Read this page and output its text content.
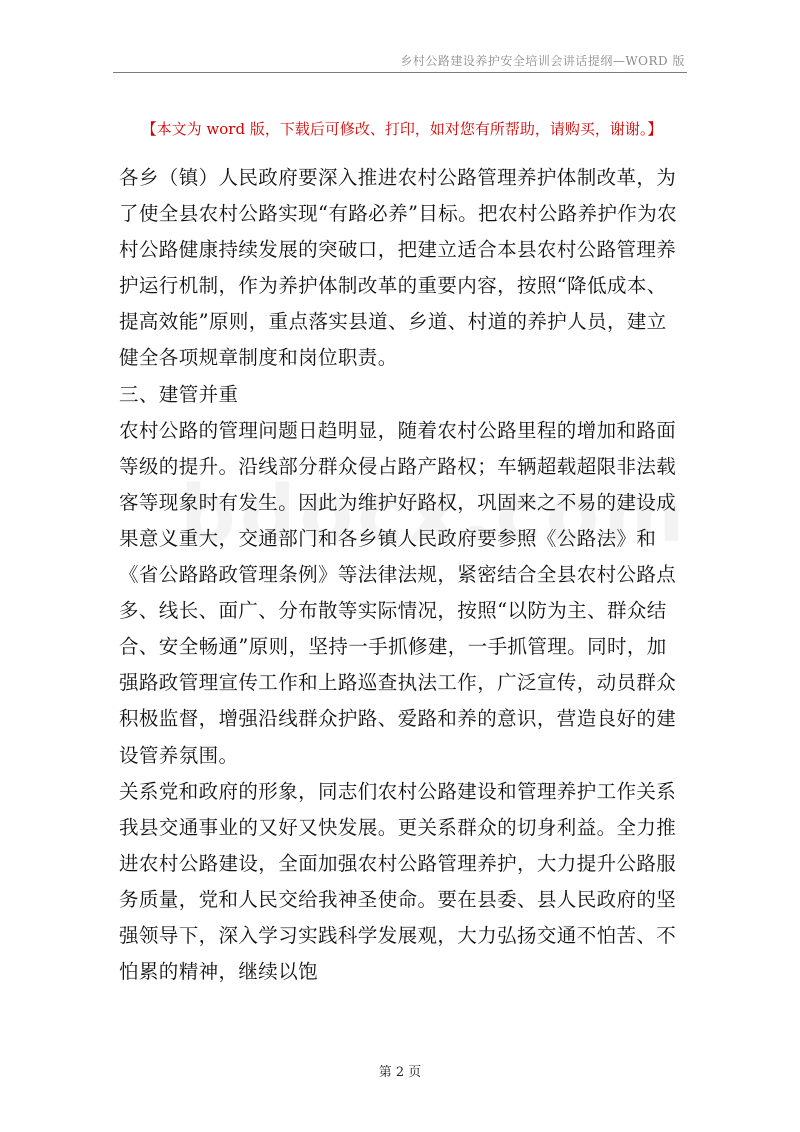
乡村公路建设养护安全培训会讲话提纲—WORD 版
【本文为 word 版，下载后可修改、打印，如对您有所帮助，请购买，谢谢。】

各乡（镇）人民政府要深入推进农村公路管理养护体制改革，为了使全县农村公路实现“有路必养”目标。把农村公路养护作为农村公路健康持续发展的突破口，把建立适合本县农村公路管理养护运行机制，作为养护体制改革的重要内容，按照“降低成本、提高效能”原则，重点落实县道、乡道、村道的养护人员，建立健全各项规章制度和岗位职责。

三、建管并重

农村公路的管理问题日趋明显，随着农村公路里程的增加和路面等级的提升。沿线部分群众侵占路产路权；车辆超载超限非法载客等现象时有发生。因此为维护好路权，巩固来之不易的建设成果意义重大，交通部门和各乡镇人民政府要参照《公路法》和《省公路路政管理条例》等法律法规，紧密结合全县农村公路点多、线长、面广、分布散等实际情况，按照“以防为主、群众结合、安全畅通”原则，坚持一手抓修建，一手抓管理。同时，加强路政管理宣传工作和上路巡查执法工作，广泛宣传，动员群众积极监督，增强沿线群众护路、爱路和养的意识，营造良好的建设管养氛围。

关系党和政府的形象，同志们农村公路建设和管理养护工作关系我县交通事业的又好又快发展。更关系群众的切身利益。全力推进农村公路建设，全面加强农村公路管理养护，大力提升公路服务质量，党和人民交给我神圣使命。要在县委、县人民政府的坚强领导下，深入学习实践科学发展观，大力弘扬交通不怕苦、不怕累的精神，继续以饱

第 2 页
